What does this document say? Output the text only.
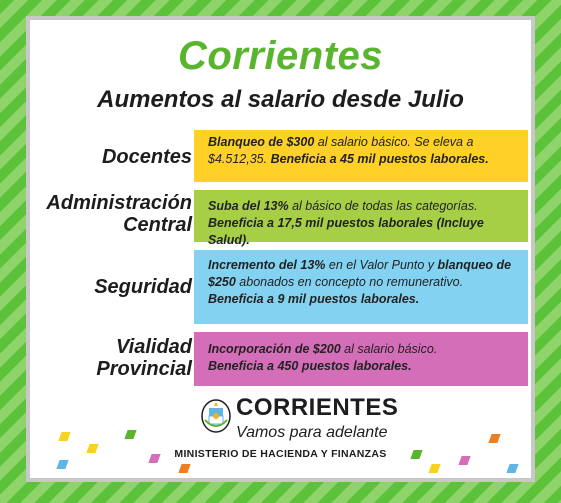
Corrientes
Aumentos al salario desde Julio
Docentes
Blanqueo de $300 al salario básico. Se eleva a
$4.512,35. Beneficia a 45 mil puestos laborales.
Administración
Central
Suba del 13% al básico de todas las categorías.
Beneficia a 17,5 mil puestos laborales (Incluye Salud).
Seguridad
Incremento del 13% en el Valor Punto y blanqueo de $250 abonados en concepto no remunerativo.
Beneficia a 9 mil puestos laborales.
Vialidad
Provincial
Incorporación de $200 al salario básico.
Beneficia a 450 puestos laborales.
CORRIENTES
Vamos para adelante
MINISTERIO DE HACIENDA Y FINANZAS
